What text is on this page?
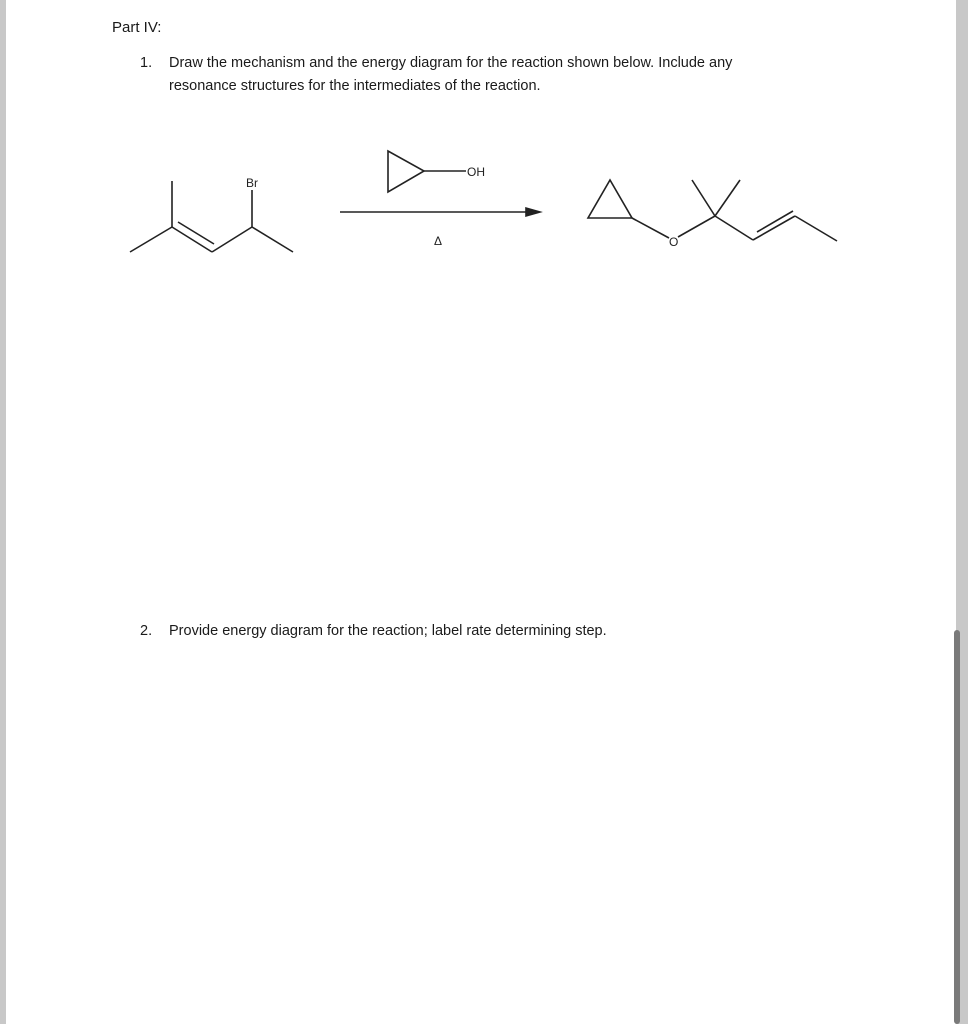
Part IV:
1.	Draw the mechanism and the energy diagram for the reaction shown below. Include any
resonance structures for the intermediates of the reaction.
Br
OH
Δ	O
2.	Provide energy diagram for the reaction; label rate determining step.
